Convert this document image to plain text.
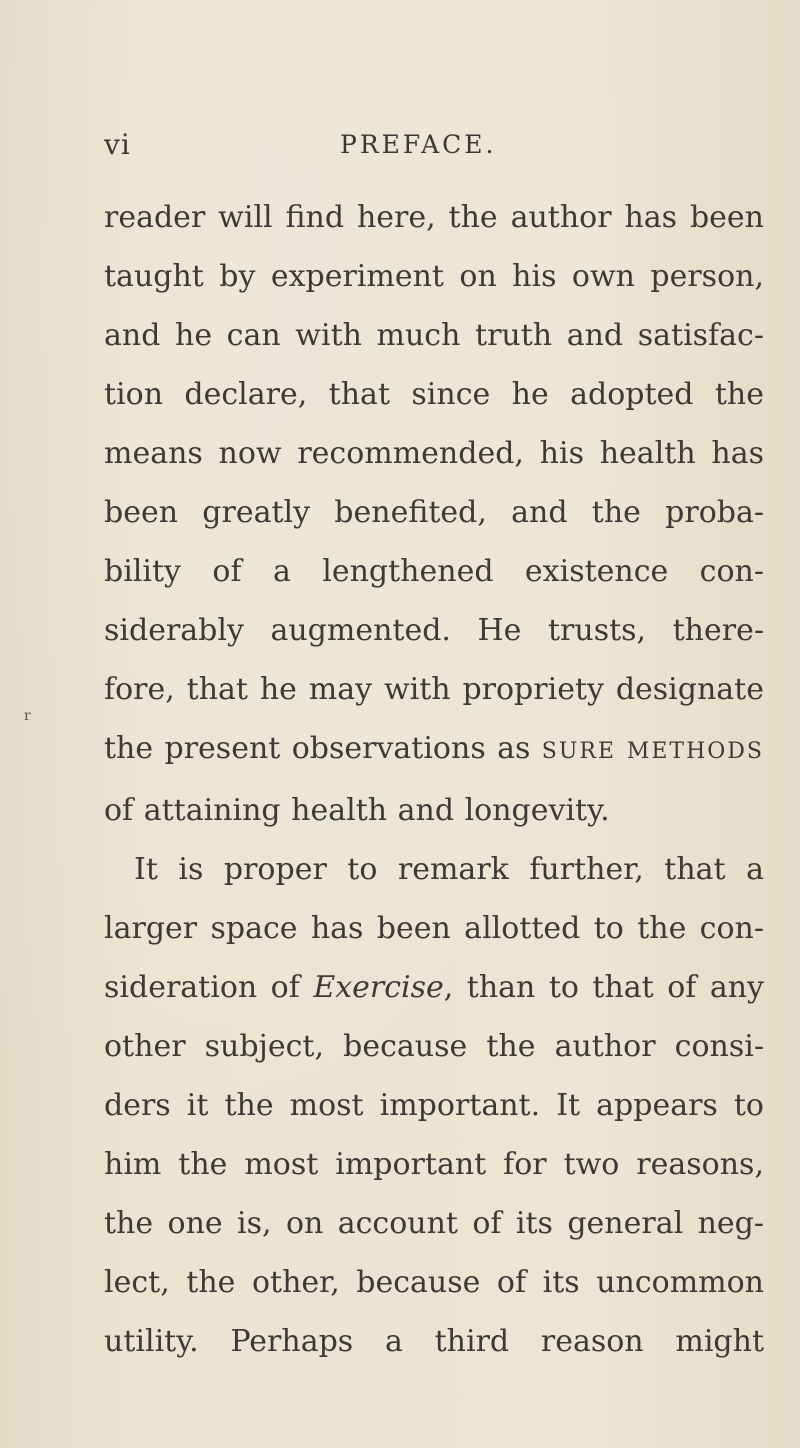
vi	PREFACE.
r
reader will find here, the author has been
taught by experiment on his own person,
and he can with much truth and satisfac-
tion declare, that since he adopted the
means now recommended, his health has
been greatly benefited, and the proba-
bility of a lengthened existence con-
siderably augmented. He trusts, there-
fore, that he may with propriety designate
the present observations as SURE METHODS
of attaining health and longevity.
It is proper to remark further, that a
larger space has been allotted to the con-
sideration of Exercise, than to that of any
other subject, because the author consi-
ders it the most important. It appears to
him the most important for two reasons,
the one is, on account of its general neg-
lect, the other, because of its uncommon
utility. Perhaps a third reason might
